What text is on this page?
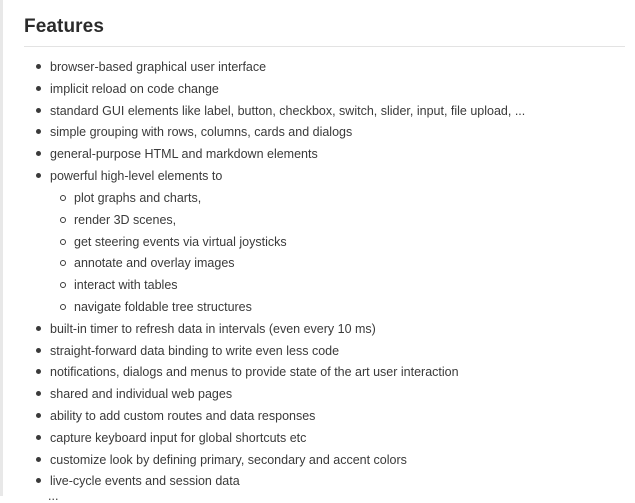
Features
browser-based graphical user interface
implicit reload on code change
standard GUI elements like label, button, checkbox, switch, slider, input, file upload, ...
simple grouping with rows, columns, cards and dialogs
general-purpose HTML and markdown elements
powerful high-level elements to
plot graphs and charts,
render 3D scenes,
get steering events via virtual joysticks
annotate and overlay images
interact with tables
navigate foldable tree structures
built-in timer to refresh data in intervals (even every 10 ms)
straight-forward data binding to write even less code
notifications, dialogs and menus to provide state of the art user interaction
shared and individual web pages
ability to add custom routes and data responses
capture keyboard input for global shortcuts etc
customize look by defining primary, secondary and accent colors
live-cycle events and session data
...
